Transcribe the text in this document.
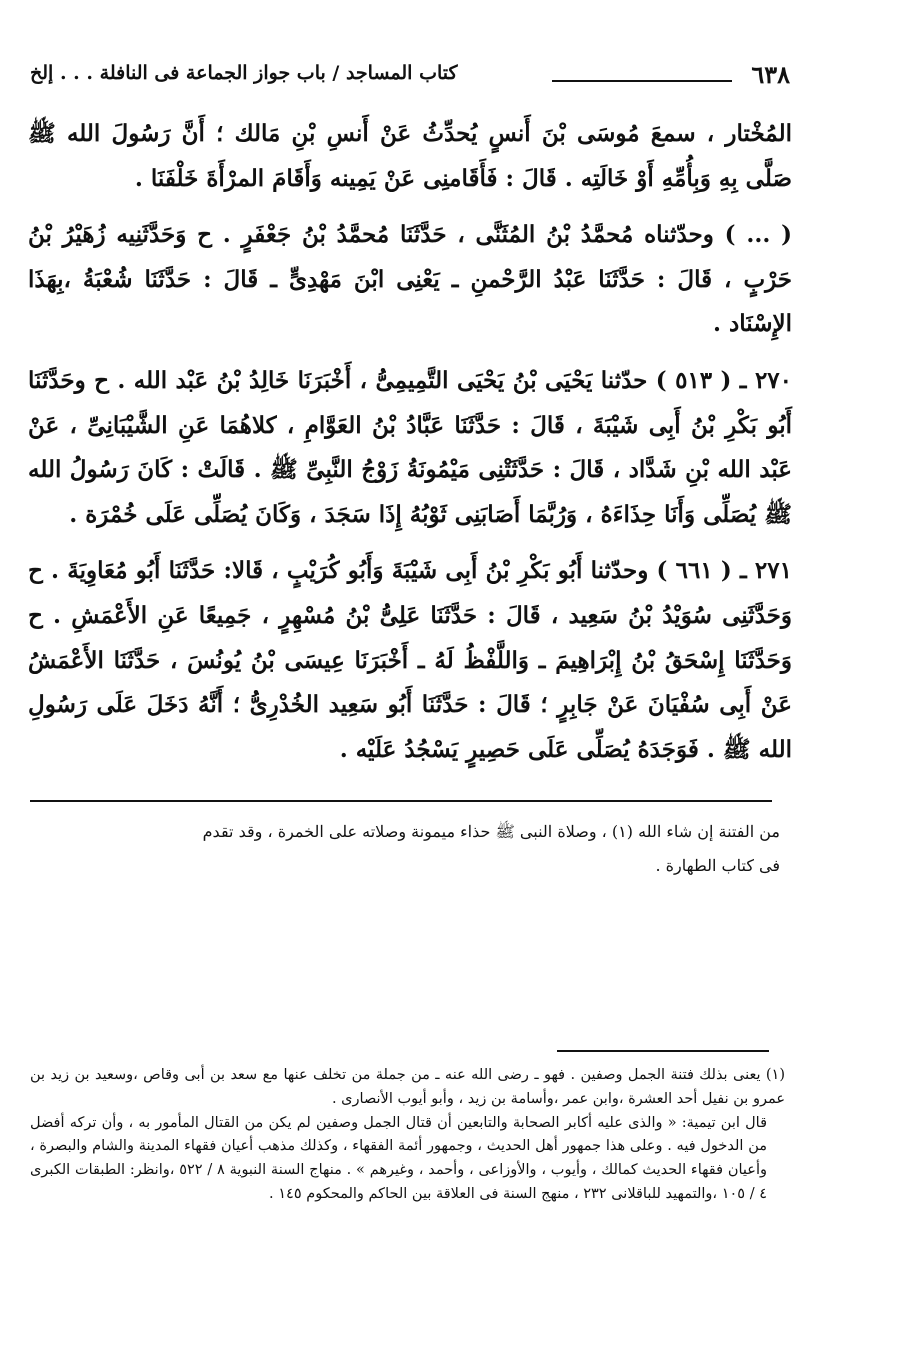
٦٣٨
كتاب المساجد / باب جواز الجماعة فى النافلة . . . إلخ

المُخْتار ، سمعَ مُوسَى بْنَ أَنسٍ يُحدِّثُ عَنْ أَنسِ بْنِ مَالك ؛ أَنَّ رَسُولَ الله ﷺ صَلَّى بِهِ وَبِأُمِّهِ أَوْ خَالَتِه . قَالَ : فَأَقَامنِى عَنْ يَمِينه وَأَقَامَ المرْأَةَ خَلْفَنَا .

( ... ) وحدّثناه مُحمَّدُ بْنُ المُثَنَّى ، حَدَّثَنَا مُحمَّدُ بْنُ جَعْفَرٍ . ح وَحَدَّثَنِيه زُهَيْرُ بْنُ حَرْبٍ ، قَالَ : حَدَّثَنَا عَبْدُ الرَّحْمنِ ـ يَعْنِى ابْنَ مَهْدِىٍّ ـ قَالَ : حَدَّثَنَا شُعْبَةُ ،بِهَذَا الإِسْنَاد .

٢٧٠ ـ ( ٥١٣ ) حدّثنا يَحْيَى بْنُ يَحْيَى التَّمِيمِىُّ ، أَخْبَرَنَا خَالِدُ بْنُ عَبْد الله . ح وحَدَّثَنَا أَبُو بَكْرِ بْنُ أَبِى شَيْبَةَ ، قَالَ : حَدَّثَنَا عَبَّادُ بْنُ العَوَّامِ ، كلاهُمَا عَنِ الشَّيْبَانِىِّ ، عَنْ عَبْد الله بْنِ شَدَّاد ، قَالَ : حَدَّثَتْنِى مَيْمُونَةُ زَوْجُ النَّبِىِّ ﷺ . قَالَتْ : كَانَ رَسُولُ الله ﷺ يُصَلِّى وَأَنَا حِذَاءَهُ ، وَرُبَّمَا أَصَابَنِى ثَوْبُهُ إِذَا سَجَدَ ، وَكَانَ يُصَلِّى عَلَى خُمْرَة .

٢٧١ ـ ( ٦٦١ ) وحدّثنا أَبُو بَكْرِ بْنُ أَبِى شَيْبَةَ وَأَبُو كُرَيْبٍ ، قَالا: حَدَّثَنَا أَبُو مُعَاوِيَةَ . ح وَحَدَّثَنِى سُوَيْدُ بْنُ سَعِيد ، قَالَ : حَدَّثَنَا عَلِىُّ بْنُ مُسْهِرٍ ، جَمِيعًا عَنِ الأَعْمَشِ . ح وَحَدَّثَنَا إِسْحَقُ بْنُ إِبْرَاهِيمَ ـ وَاللَّفْظُ لَهُ ـ أَخْبَرَنَا عِيسَى بْنُ يُونُسَ ، حَدَّثَنَا الأَعْمَشُ عَنْ أَبِى سُفْيَانَ عَنْ جَابِرٍ ؛ قَالَ : حَدَّثَنَا أَبُو سَعِيد الخُدْرِىُّ ؛ أَنَّهُ دَخَلَ عَلَى رَسُولِ الله ﷺ . فَوَجَدَهُ يُصَلِّى عَلَى حَصِيرٍ يَسْجُدُ عَلَيْه .

من الفتنة إن شاء الله (١) ، وصلاة النبى ﷺ حذاء ميمونة وصلاته على الخمرة ، وقد تقدم

فى كتاب الطهارة .

(١) يعنى بذلك فتنة الجمل وصفين . فهو ـ رضى الله عنه ـ من جملة من تخلف عنها مع سعد بن أبى وقاص ،وسعيد بن زيد بن عمرو بن نفيل أحد العشرة ،وابن عمر ،وأسامة بن زيد ، وأبو أيوب الأنصارى .

قال ابن تيمية: « والذى عليه أكابر الصحابة والتابعين أن قتال الجمل وصفين لم يكن من القتال المأمور به ، وأن تركه أفضل من الدخول فيه . وعلى هذا جمهور أهل الحديث ، وجمهور أئمة الفقهاء ، وكذلك مذهب أعيان فقهاء المدينة والشام والبصرة ، وأعيان فقهاء الحديث كمالك ، وأيوب ، والأوزاعى ، وأحمد ، وغيرهم » . منهاج السنة النبوية ٨ / ٥٢٢ ،وانظر: الطبقات الكبرى ٤ / ١٠٥ ،والتمهيد للباقلانى ٢٣٢ ، منهج السنة فى العلاقة بين الحاكم والمحكوم ١٤٥ .
